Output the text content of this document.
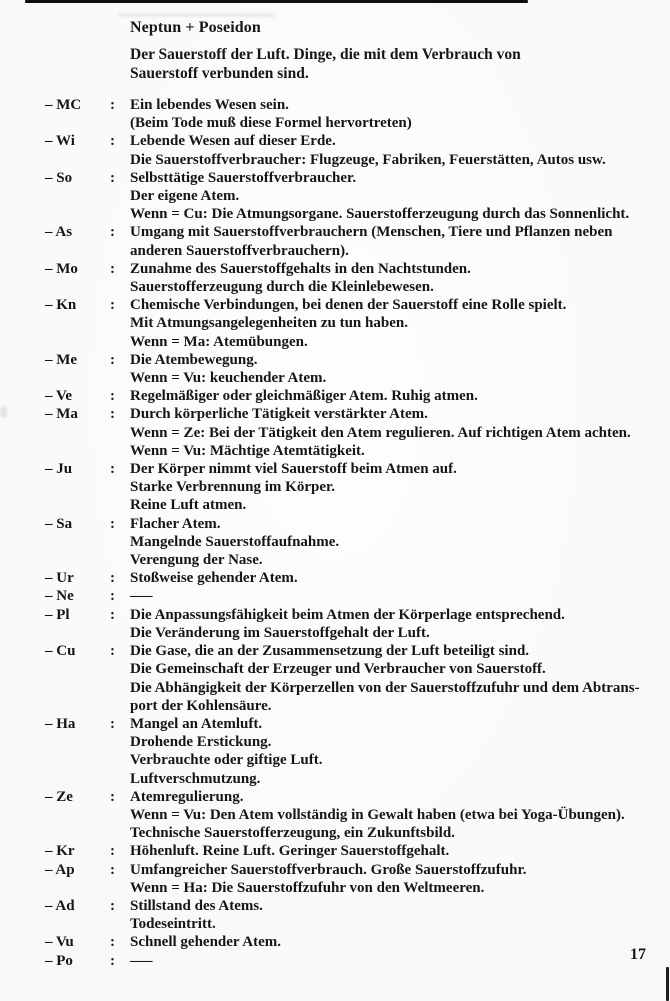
Neptun + Poseidon
Der Sauerstoff der Luft. Dinge, die mit dem Verbrauch von
Sauerstoff verbunden sind.
– MC	:	Ein lebendes Wesen sein.
(Beim Tode muß diese Formel hervortreten)
– Wi	:	Lebende Wesen auf dieser Erde.
Die Sauerstoffverbraucher: Flugzeuge, Fabriken, Feuerstätten, Autos usw.
– So	:	Selbsttätige Sauerstoffverbraucher.
Der eigene Atem.
Wenn = Cu: Die Atmungsorgane. Sauerstofferzeugung durch das Sonnenlicht.
– As	:	Umgang mit Sauerstoffverbrauchern (Menschen, Tiere und Pflanzen neben
anderen Sauerstoffverbrauchern).
– Mo	:	Zunahme des Sauerstoffgehalts in den Nachtstunden.
Sauerstofferzeugung durch die Kleinlebewesen.
– Kn	:	Chemische Verbindungen, bei denen der Sauerstoff eine Rolle spielt.
Mit Atmungsangelegenheiten zu tun haben.
Wenn = Ma: Atemübungen.
– Me	:	Die Atembewegung.
Wenn = Vu: keuchender Atem.
– Ve	:	Regelmäßiger oder gleichmäßiger Atem. Ruhig atmen.
– Ma	:	Durch körperliche Tätigkeit verstärkter Atem.
Wenn = Ze: Bei der Tätigkeit den Atem regulieren. Auf richtigen Atem achten.
Wenn = Vu: Mächtige Atemtätigkeit.
– Ju	:	Der Körper nimmt viel Sauerstoff beim Atmen auf.
Starke Verbrennung im Körper.
Reine Luft atmen.
– Sa	:	Flacher Atem.
Mangelnde Sauerstoffaufnahme.
Verengung der Nase.
– Ur	:	Stoßweise gehender Atem.
– Ne	:	–––
– Pl	:	Die Anpassungsfähigkeit beim Atmen der Körperlage entsprechend.
Die Veränderung im Sauerstoffgehalt der Luft.
– Cu	:	Die Gase, die an der Zusammensetzung der Luft beteiligt sind.
Die Gemeinschaft der Erzeuger und Verbraucher von Sauerstoff.
Die Abhängigkeit der Körperzellen von der Sauerstoffzufuhr und dem Abtrans-
port der Kohlensäure.
– Ha	:	Mangel an Atemluft.
Drohende Erstickung.
Verbrauchte oder giftige Luft.
Luftverschmutzung.
– Ze	:	Atemregulierung.
Wenn = Vu: Den Atem vollständig in Gewalt haben (etwa bei Yoga-Übungen).
Technische Sauerstofferzeugung, ein Zukunftsbild.
– Kr	:	Höhenluft. Reine Luft. Geringer Sauerstoffgehalt.
– Ap	:	Umfangreicher Sauerstoffverbrauch. Große Sauerstoffzufuhr.
Wenn = Ha: Die Sauerstoffzufuhr von den Weltmeeren.
– Ad	:	Stillstand des Atems.
Todeseintritt.
– Vu	:	Schnell gehender Atem.
– Po	:	–––	17
